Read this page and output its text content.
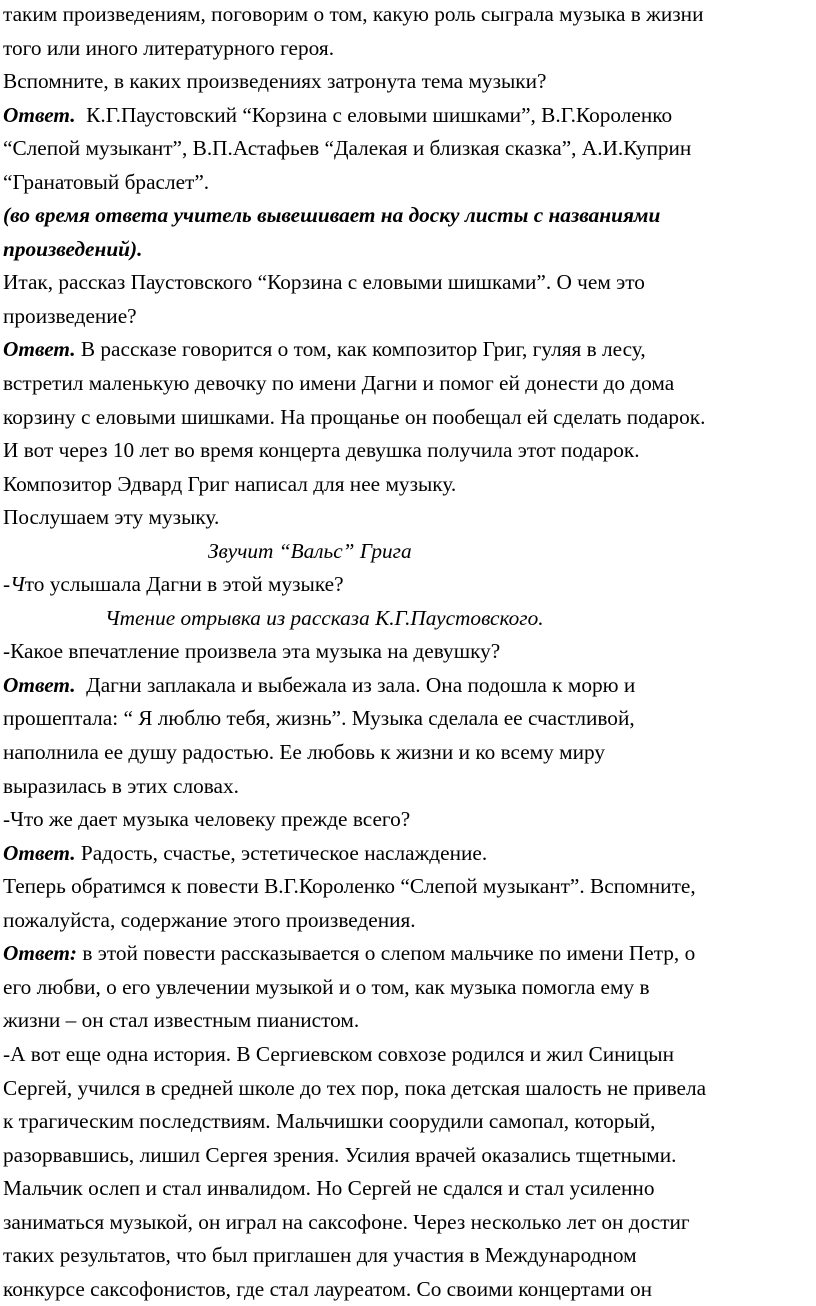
таким произведениям, поговорим о том, какую роль сыграла музыка в жизни
того или иного литературного героя.
Вспомните, в каких произведениях затронута тема музыки?
Ответ.  К.Г.Паустовский “Корзина с еловыми шишками”, В.Г.Короленко
“Слепой музыкант”, В.П.Астафьев “Далекая и близкая сказка”, А.И.Куприн
“Гранатовый браслет”.
(во время ответа учитель вывешивает на доску листы с названиями
произведений).
Итак, рассказ Паустовского “Корзина с еловыми шишками”. О чем это
произведение?
Ответ. В рассказе говорится о том, как композитор Григ, гуляя в лесу,
встретил маленькую девочку по имени Дагни и помог ей донести до дома
корзину с еловыми шишками. На прощанье он пообещал ей сделать подарок.
И вот через 10 лет во время концерта девушка получила этот подарок.
Композитор Эдвард Григ написал для нее музыку.
Послушаем эту музыку.
Звучит “Вальс” Грига
-Что услышала Дагни в этой музыке?
Чтение отрывка из рассказа К.Г.Паустовского.
-Какое впечатление произвела эта музыка на девушку?
Ответ.  Дагни заплакала и выбежала из зала. Она подошла к морю и
прошептала: “ Я люблю тебя, жизнь”. Музыка сделала ее счастливой,
наполнила ее душу радостью. Ее любовь к жизни и ко всему миру
выразилась в этих словах.
-Что же дает музыка человеку прежде всего?
Ответ. Радость, счастье, эстетическое наслаждение.
Теперь обратимся к повести В.Г.Короленко “Слепой музыкант”. Вспомните,
пожалуйста, содержание этого произведения.
Ответ: в этой повести рассказывается о слепом мальчике по имени Петр, о
его любви, о его увлечении музыкой и о том, как музыка помогла ему в
жизни – он стал известным пианистом.
-А вот еще одна история. В Сергиевском совхозе родился и жил Синицын
Сергей, учился в средней школе до тех пор, пока детская шалость не привела
к трагическим последствиям. Мальчишки соорудили самопал, который,
разорвавшись, лишил Сергея зрения. Усилия врачей оказались тщетными.
Мальчик ослеп и стал инвалидом. Но Сергей не сдался и стал усиленно
заниматься музыкой, он играл на саксофоне. Через несколько лет он достиг
таких результатов, что был приглашен для участия в Международном
конкурсе саксофонистов, где стал лауреатом. Со своими концертами он
